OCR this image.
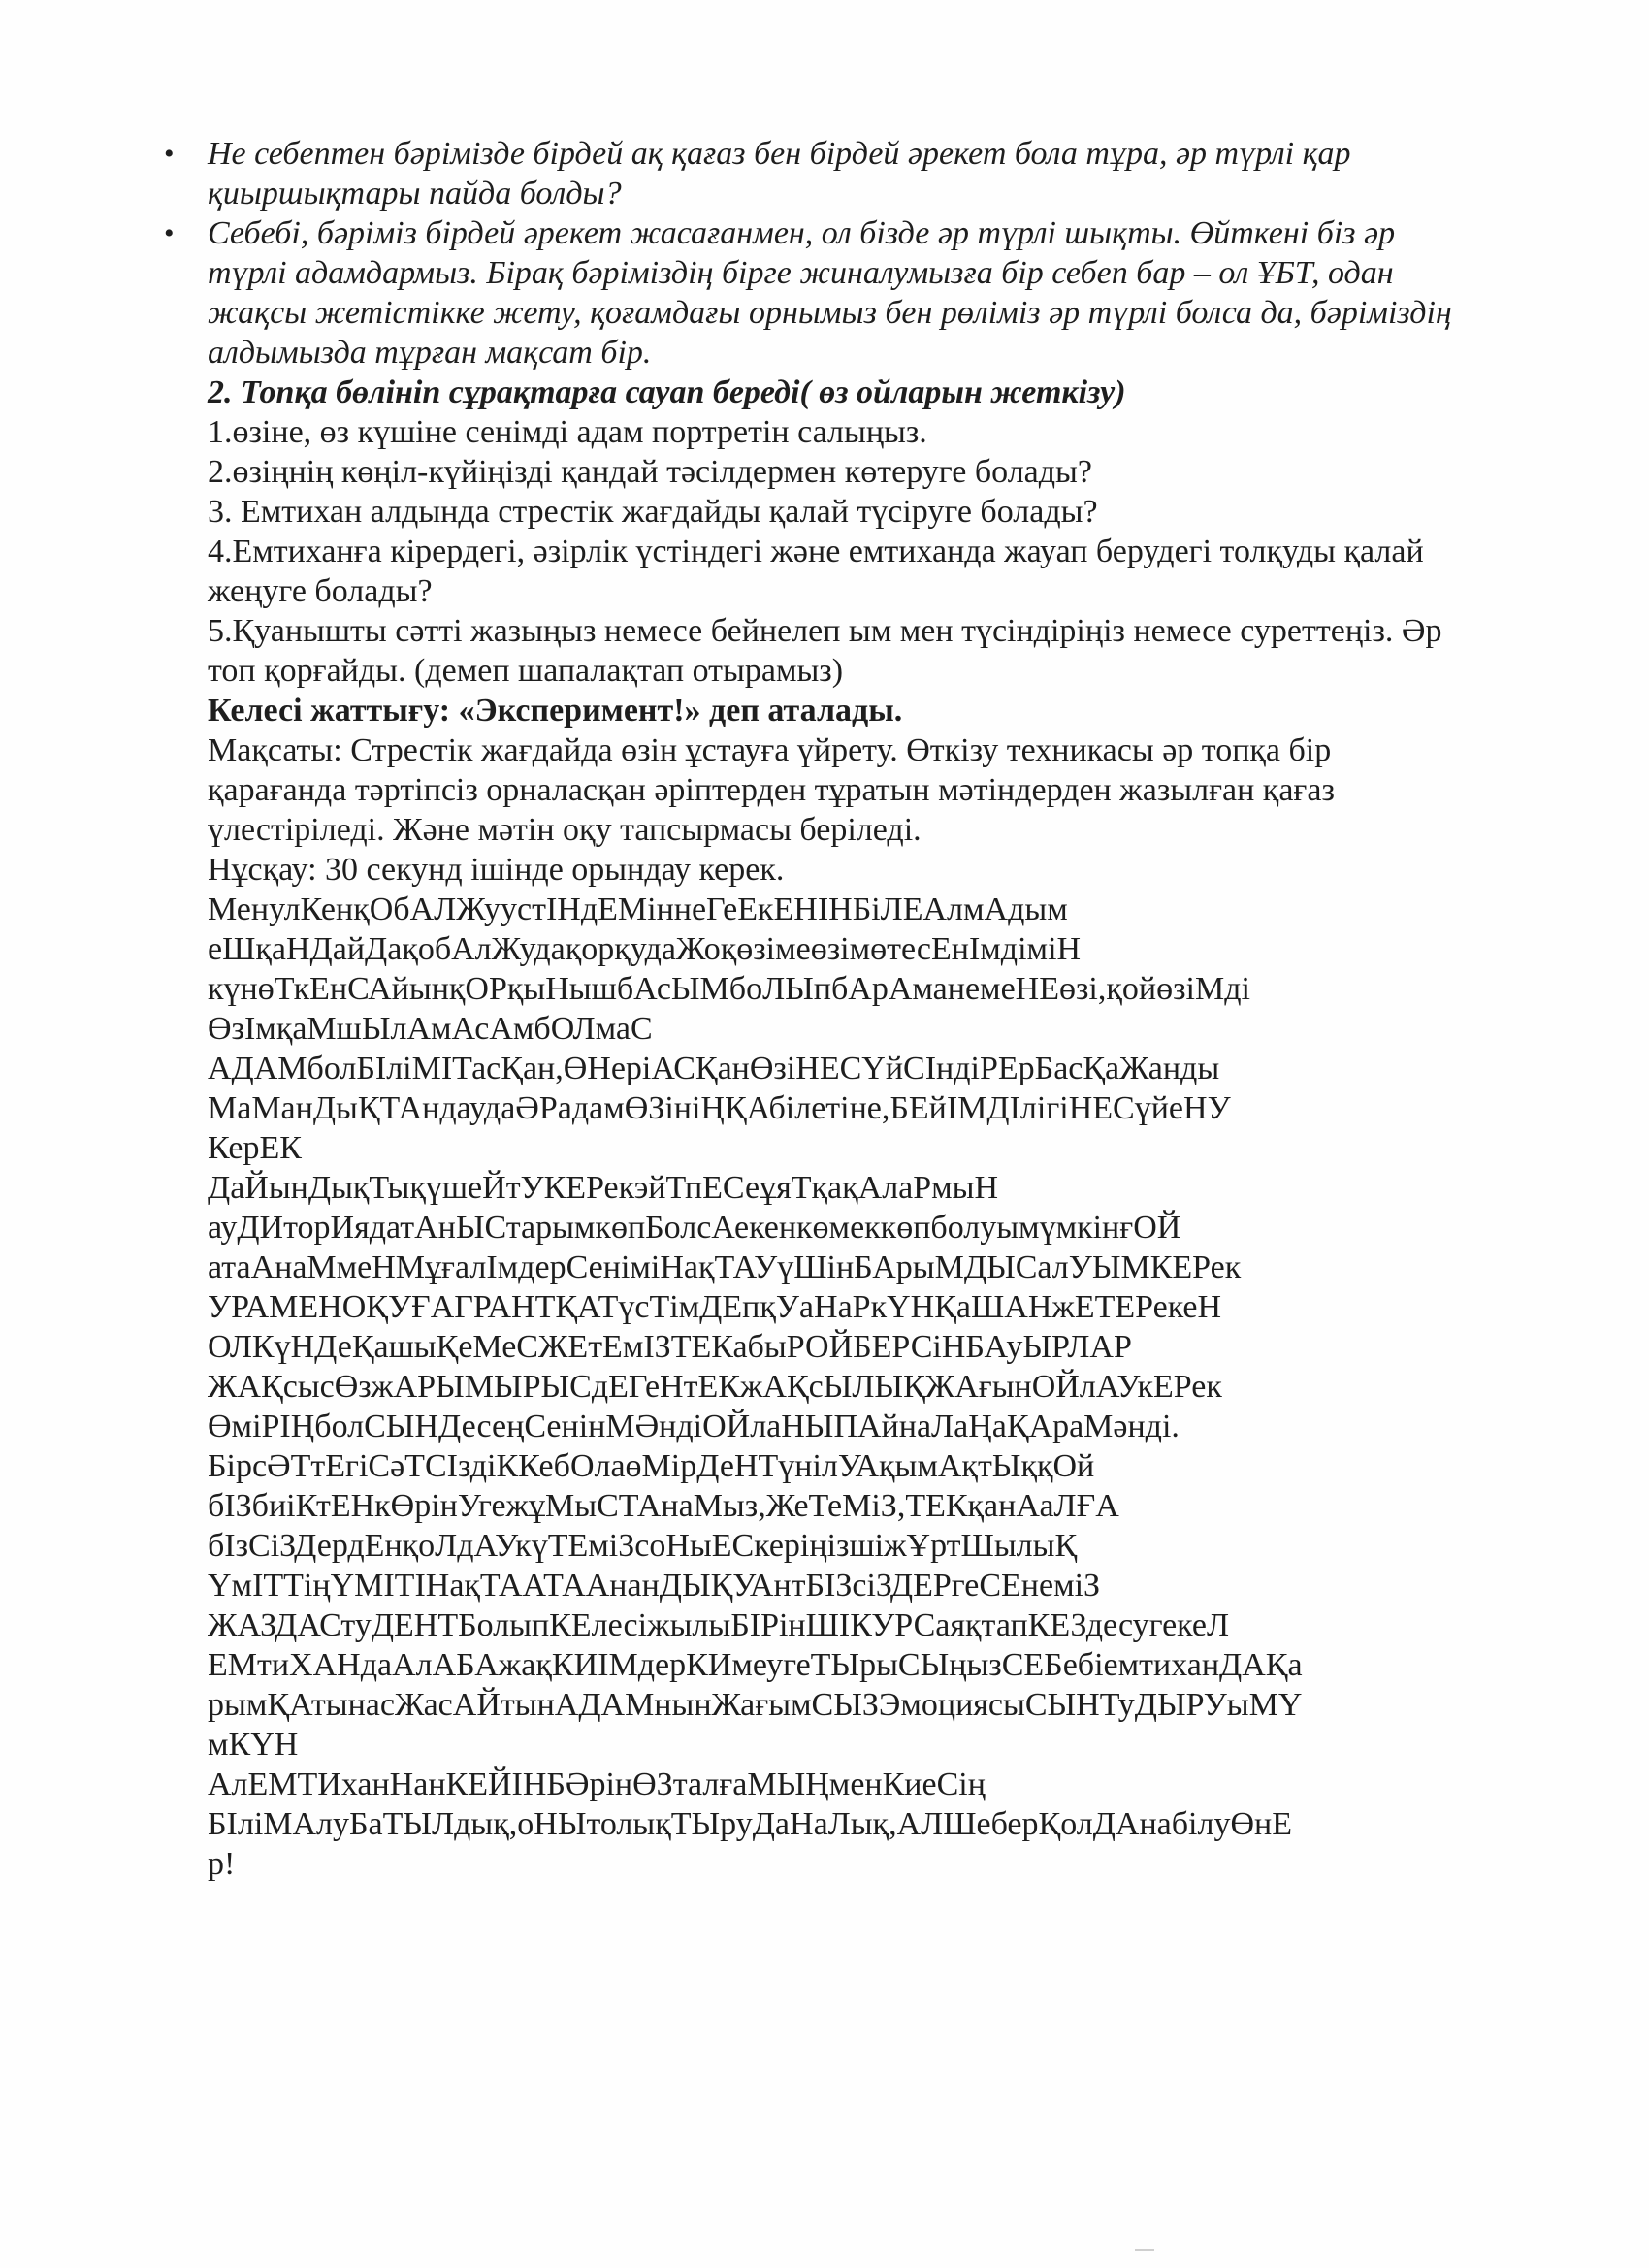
• Не себептен бәрімізде бірдей ақ қағаз бен бірдей әрекет бола тұра, әр түрлі қар қиыршықтары пайда болды?
• Себебі, бәріміз бірдей әрекет жасағанмен, ол бізде әр түрлі шықты. Өйткені біз әр түрлі адамдармыз. Бірақ бәріміздің бірге жиналумызға бір себеп бар – ол ҰБТ, одан жақсы жетістікке жету, қоғамдағы орнымыз бен рөліміз әр түрлі болса да, бәріміздің алдымызда тұрған мақсат бір.
2. Топқа бөлініп сұрақтарға сауап береді( өз ойларын жеткізу)
1.өзіне, өз күшіне сенімді адам портретін салыңыз.
2.өзіңнің көңіл-күйіңізді қандай тәсілдермен көтеруге болады?
3. Емтихан алдында стрестік жағдайды қалай түсіруге болады?
4.Емтиханға кірердегі, әзірлік үстіндегі және емтиханда жауап берудегі толқуды қалай жеңуге болады?
5.Қуанышты сәтті жазыңыз немесе бейнелеп ым мен түсіндіріңіз немесе суреттеңіз. Әр топ қорғайды. (демеп шапалақтап отырамыз)
Келесі жаттығу: «Эксперимент!» деп аталады.
Мақсаты: Стрестік жағдайда өзін ұстауға үйрету. Өткізу техникасы әр топқа бір қарағанда тәртіпсіз орналасқан әріптерден тұратын мәтіндерден жазылған қағаз үлестіріледі. Және мәтін оқу тапсырмасы беріледі.
Нұсқау: 30 секунд ішінде орындау керек.
МенулКенқОбАЛЖуустІНдЕМіннеГеЕкЕНІНБіЛЕАлмАдым
еШқаНДайДақобАлЖудақорқудаЖоқөзімеөзімөтесЕнІмдіміН
күнөТкЕнСАйынқОРқыНышбАсЫМбоЛЫпбАрАманемеНЕөзі,қойөзіМді
ӨзІмқаМшЫлАмАсАмбОЛмаС
АДАМболБІліМІТасҚан,ӨНеріАСҚанӨзіНЕСҮйСІндіРЕрБасҚаЖанды
МаМанДыҚТАндаудаӘРадамӨЗініҢҚАбілетіне,БЕйІМДІлігіНЕСүйеНУ
КерЕК
ДаЙынДықТықүшеЙтУКЕРекэйТпЕСеұяТқақАлаРмыН
ауДИторИядатАнЫСтарымкөпБолсАекенкөмеккөпболуымүмкінғОЙ
атаАнаМмеНМұғалІмдерСеніміНақТАУүШінБАрыМДЫСалУЫМКЕРек
УРАМЕНОҚУҒАГРАНТҚАТүсТімДЕпқУаНаРкҮНҚаШАНжЕТЕРекеН
ОЛКүНДеҚашыҚеМеСЖЕтЕмІЗТЕКабыРОЙБЕРСіНБАуЫРЛАР
ЖАҚсысӨзжАРЫМЫРЫСдЕГеНтЕКжАҚсЫЛЫҚЖАғынОЙлАУкЕРек
ӨміРІҢболСЫНДесеңСенінМӘндіОЙлаНЫПАйнаЛаҢаҚАраМәнді.
БірсӘТтЕгіСәТСІздіККебОлаөМірДеНТүнілУАқымАқтЫққОй
бІЗбиіКтЕНкӨрінУгежұМыСТАнаМыз,ЖеТеМіЗ,ТЕКқанАаЛҒА
бІзСіЗДердЕнқоЛдАУкүТЕміЗсоНыЕСкеріңізшіжҰртШылыҚ
ҮмІТТіңҮМІТІНақТААТААнанДЫҚУАнтБІЗсіЗДЕРгеСЕнеміЗ
ЖАЗДАСтуДЕНТБолыпКЕлесіжылыБІРінШІКУРСаяқтапКЕЗдесугекеЛ
ЕМтиХАНдаАлАБАжақКИІМдерКИмеугеТЫрыСЫңызСЕБебіемтиханДАҚа
рымҚАтынасЖасАЙтынАДАМнынЖағымСЫЗЭмоциясыСЫНТуДЫРУыМҮ
мКҮН
АлЕМТИханНанКЕЙІНБӘрінӨЗталғаМЫҢменКиеСің
БІліМАлуБаТЫЛдық,оНЫтолықТЫруДаНаЛық,АЛШеберҚолДАнабілуӨнЕ
р!
